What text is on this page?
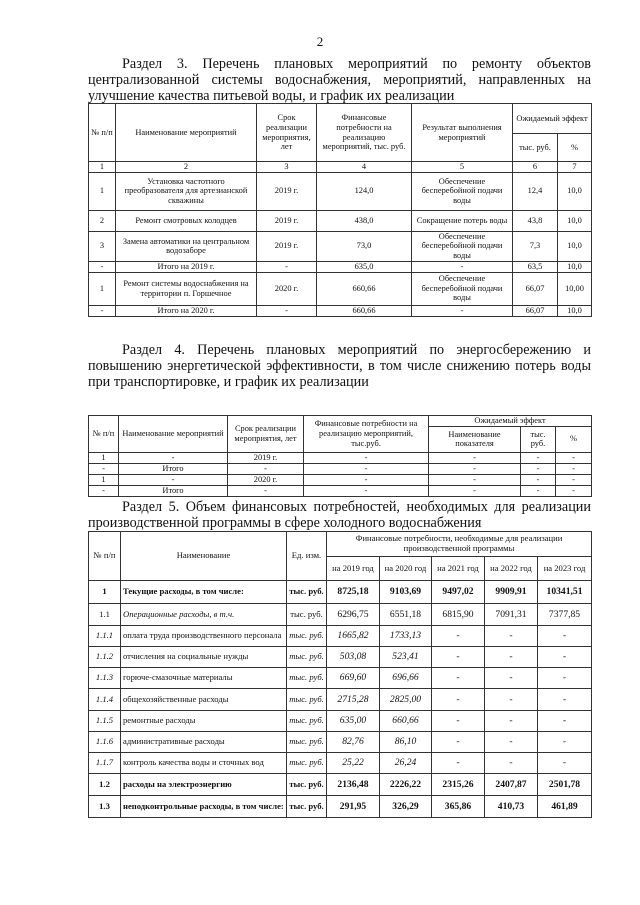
2
Раздел 3. Перечень плановых мероприятий по ремонту объектов централизованной системы водоснабжения, мероприятий, направленных на улучшение качества питьевой воды, и график их реализации
№ п/п	Наименование мероприятий	Срок реализации мероприятия, лет	Финансовые потребности на реализацию мероприятий, тыс. руб.	Результат выполнения мероприятий	Ожидаемый эффект	
					тыс. руб.	%
1	2	3	4	5	6	7
1	Установка частотного преобразователя для артезианской скважины	2019 г.	124,0	Обеспечение бесперебойной подачи воды	12,4	10,0
2	Ремонт смотровых колодцев	2019 г.	438,0	Сокращение потерь воды	43,8	10,0
3	Замена автоматики на центральном водозаборе	2019 г.	73,0	Обеспечение бесперебойной подачи воды	7,3	10,0
-	Итого на 2019 г.	-	635,0	-	63,5	10,0
1	Ремонт системы водоснабжения на территории п. Горшечное	2020 г.	660,66	Обеспечение бесперебойной подачи воды	66,07	10,00
-	Итого на 2020 г.	-	660,66	-	66,07	10,0
Раздел 4. Перечень плановых мероприятий по энергосбережению и повышению энергетической эффективности, в том числе снижению потерь воды при транспортировке, и график их реализации
№ п/п	Наименование мероприятий	Срок реализации мероприятия, лет	Финансовые потребности на реализацию мероприятий, тыс.руб.	Ожидаемый эффект		
				Наименование показателя	тыс. руб.	%
1	-	2019 г.	-	-	-	-
-	Итого	-	-	-	-	-
1	-	2020 г.	-	-	-	-
-	Итого	-	-	-	-	-
Раздел 5. Объем финансовых потребностей, необходимых для реализации производственной программы в сфере холодного водоснабжения
№ п/п	Наименование	Ед. изм.	Финансовые потребности, необходимые для реализации производственной программы				
			на 2019 год	на 2020 год	на 2021 год	на 2022 год	на 2023 год
1	Текущие расходы, в том числе:	тыс. руб.	8725,18	9103,69	9497,02	9909,91	10341,51
1.1	Операционные расходы, в т.ч.	тыс. руб.	6296,75	6551,18	6815,90	7091,31	7377,85
1.1.1	оплата труда производственного персонала	тыс. руб.	1665,82	1733,13	-	-	-
1.1.2	отчисления на социальные нужды	тыс. руб.	503,08	523,41	-	-	-
1.1.3	горюче-смазочные материалы	тыс. руб.	669,60	696,66	-	-	-
1.1.4	общехозяйственные расходы	тыс. руб.	2715,28	2825,00	-	-	-
1.1.5	ремонтные расходы	тыс. руб.	635,00	660,66	-	-	-
1.1.6	административные расходы	тыс. руб.	82,76	86,10	-	-	-
1.1.7	контроль качества воды и сточных вод	тыс. руб.	25,22	26,24	-	-	-
1.2	расходы на электроэнергию	тыс. руб.	2136,48	2226,22	2315,26	2407,87	2501,78
1.3	неподконтрольные расходы, в том числе:	тыс. руб.	291,95	326,29	365,86	410,73	461,89
